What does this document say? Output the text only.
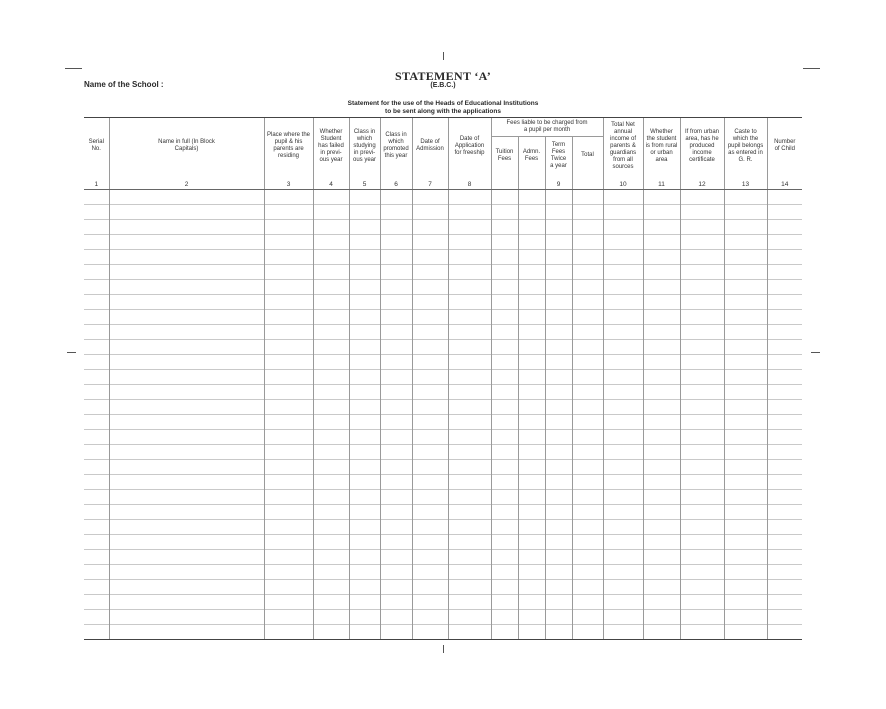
STATEMENT ‘A’
(E.B.C.)
Name of the School :
Statement for the use of the Heads of Educational Institutions
to be sent along with the applications
Serial No.	Name in full (In Block Capitals)	Place where the pupil & his parents are residing	Whether Student has failed in previ- ous year	Class in which studying in previ- ous year	Class in which promoted this year	Date of Admission	Date of Application for freeship	Fees liable to be charged from a pupil per month				Total Net annual income of parents & guardians from all sources	Whether the student is from rural or urban area	If from urban area, has he produced income certificate	Caste to which the pupil belongs as entered in G. R.	Number of Child
								Tuition Fees	Admn. Fees	Term Fees Twice a year	Total					
1	2	3	4	5	6	7	8			9		10	11	12	13	14
